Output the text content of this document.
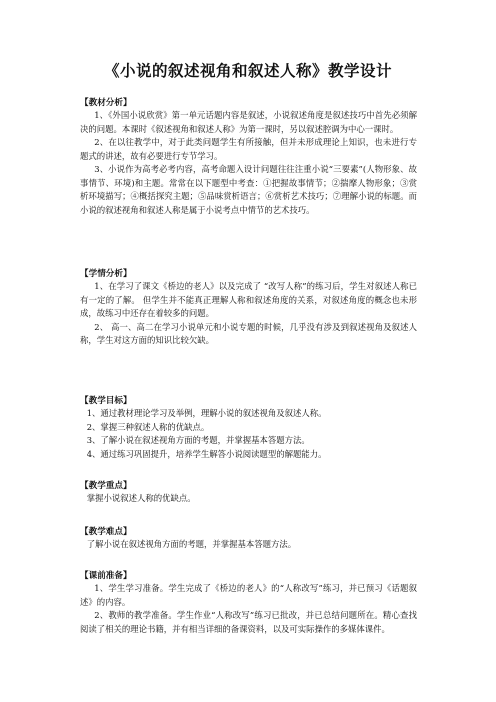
《小说的叙述视角和叙述人称》教学设计
【教材分析】
1、《外国小说欣赏》第一单元话题内容是叙述，小说叙述角度是叙述技巧中首先必须解决的问题。本课时《叙述视角和叙述人称》为第一课时，另以叙述腔调为中心一课时。
2、在以往教学中，对于此类问题学生有所接触，但并未形成理论上知识，也未进行专题式的讲述，故有必要进行专节学习。
3、小说作为高考必考内容，高考命题入设计问题往往注重小说“三要素”(人物形象、故事情节、环境)和主题。常常在以下题型中考查：①把握故事情节；②揣摩人物形象；③赏析环境描写；④概括探究主题；⑤品味赏析语言；⑥赏析艺术技巧；⑦理解小说的标题。而小说的叙述视角和叙述人称是属于小说考点中情节的艺术技巧。
【学情分析】
1、在学习了课文《桥边的老人》以及完成了 “改写人称”的练习后，学生对叙述人称已有一定的了解。 但学生并不能真正理解人称和叙述角度的关系，对叙述角度的概念也未形成，故练习中还存在着较多的问题。
2、 高一、高二在学习小说单元和小说专题的时候，几乎没有涉及到叙述视角及叙述人称，学生对这方面的知识比较欠缺。
【教学目标】
1、通过教材理论学习及举例，理解小说的叙述视角及叙述人称。
2、掌握三种叙述人称的优缺点。
3、了解小说在叙述视角方面的考题，并掌握基本答题方法。
4、通过练习巩固提升，培养学生解答小说阅读题型的解题能力。
【教学重点】
掌握小说叙述人称的优缺点。
【教学难点】
了解小说在叙述视角方面的考题，并掌握基本答题方法。
【课前准备】
1、学生学习准备。学生完成了《桥边的老人》的“人称改写”练习，并已预习《话题叙述》的内容。
2、教师的教学准备。学生作业“人称改写”练习已批改，并已总结问题所在。精心查找阅读了相关的理论书籍，并有相当详细的备课资料，以及可实际操作的多媒体课件。
